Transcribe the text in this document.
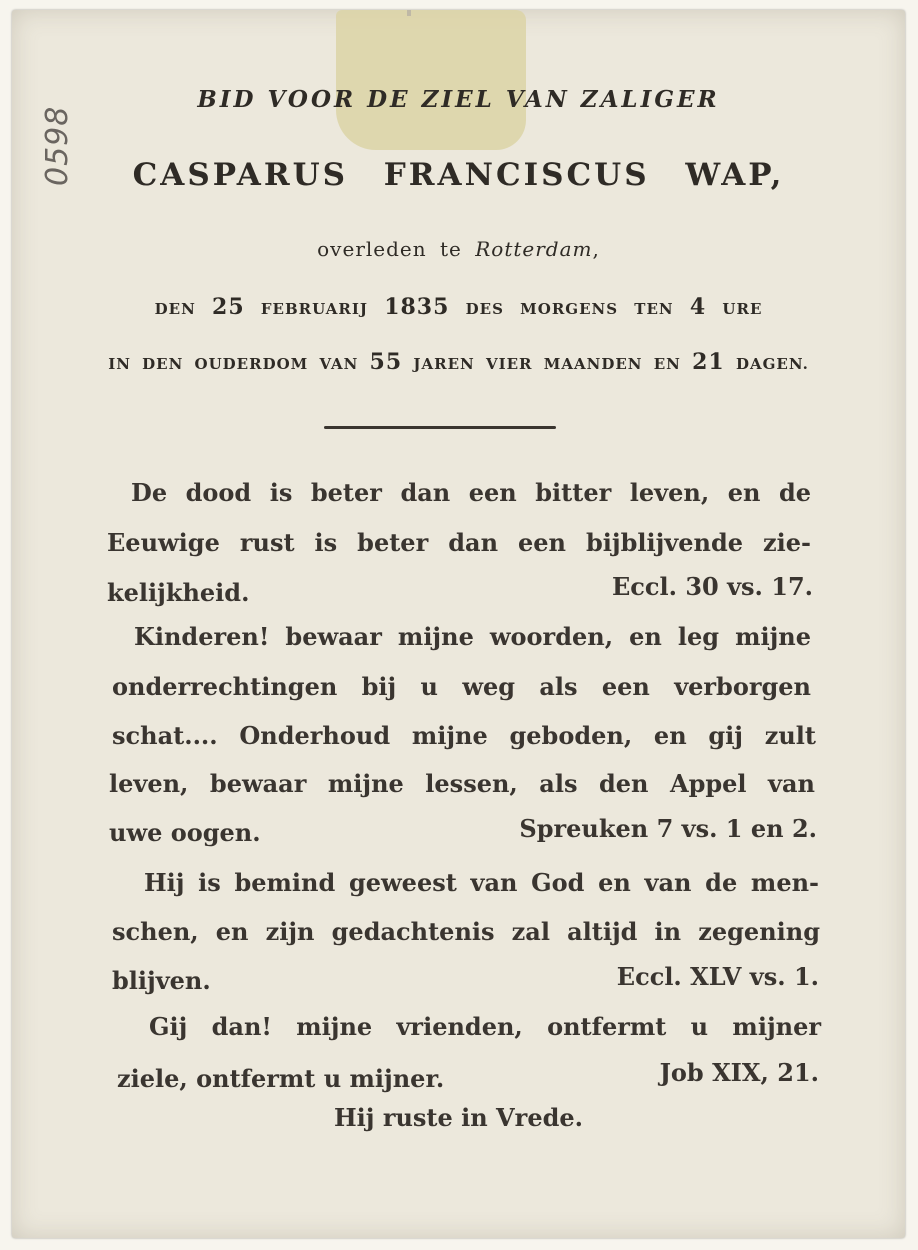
0598
BID VOOR DE ZIEL VAN ZALIGER
CASPARUS FRANCISCUS WAP,
overleden te Rotterdam,
DEN 25 FEBRUARIJ 1835 DES MORGENS TEN 4 URE
IN DEN OUDERDOM VAN 55 JAREN VIER MAANDEN EN 21 DAGEN.
De dood is beter dan een bitter leven, en de
Eeuwige rust is beter dan een bijblijvende zie-
kelijkheid.	Eccl. 30 vs. 17.
Kinderen! bewaar mijne woorden, en leg mijne
onderrechtingen bij u weg als een verborgen
schat.... Onderhoud mijne geboden, en gij zult
leven, bewaar mijne lessen, als den Appel van
uwe oogen.	Spreuken 7 vs. 1 en 2.
Hij is bemind geweest van God en van de men-
schen, en zijn gedachtenis zal altijd in zegening
blijven.	Eccl. XLV vs. 1.
Gij dan! mijne vrienden, ontfermt u mijner
ziele, ontfermt u mijner.	Job XIX, 21.
Hij ruste in Vrede.
